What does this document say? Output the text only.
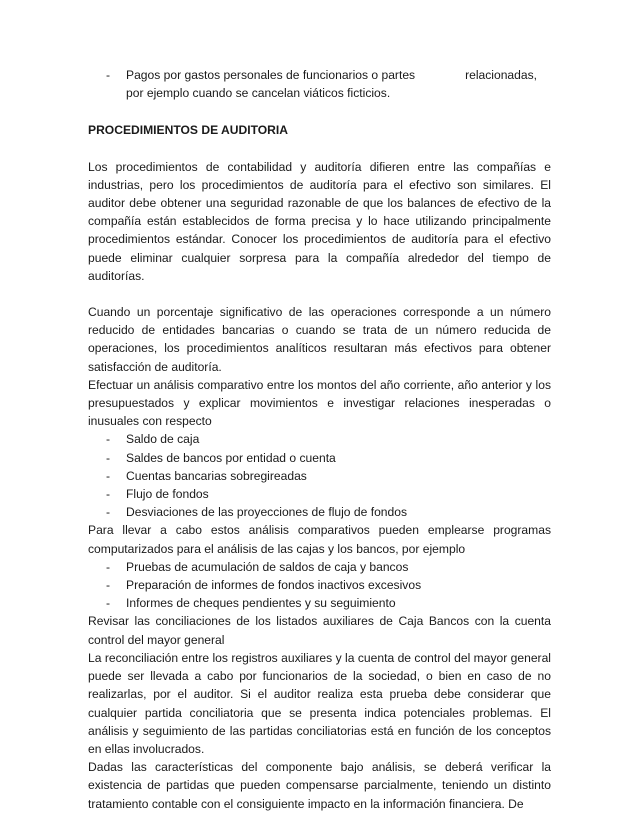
- Pagos por gastos personales de funcionarios o partes	relacionadas,
por ejemplo cuando se cancelan viáticos ficticios.

PROCEDIMIENTOS DE AUDITORIA

Los procedimientos de contabilidad y auditoría difieren entre las compañías e industrias, pero los procedimientos de auditoría para el efectivo son similares. El auditor debe obtener una seguridad razonable de que los balances de efectivo de la compañía están establecidos de forma precisa y lo hace utilizando principalmente procedimientos estándar. Conocer los procedimientos de auditoría para el efectivo puede eliminar cualquier sorpresa para la compañía alrededor del tiempo de auditorías.

Cuando un porcentaje significativo de las operaciones corresponde a un número reducido de entidades bancarias o cuando se trata de un número reducida de operaciones, los procedimientos analíticos resultaran más efectivos para obtener satisfacción de auditoría.

Efectuar un análisis comparativo entre los montos del año corriente, año anterior y los presupuestados y explicar movimientos e investigar relaciones inesperadas o inusuales con respecto

- Saldo de caja
- Saldes de bancos por entidad o cuenta
- Cuentas bancarias sobregireadas
- Flujo de fondos
- Desviaciones de las proyecciones de flujo de fondos

Para llevar a cabo estos análisis comparativos pueden emplearse programas computarizados para el análisis de las cajas y los bancos, por ejemplo

- Pruebas de acumulación de saldos de caja y bancos
- Preparación de informes de fondos inactivos excesivos
- Informes de cheques pendientes y su seguimiento

Revisar las conciliaciones de los listados auxiliares de Caja Bancos con la cuenta control del mayor general

La reconciliación entre los registros auxiliares y la cuenta de control del mayor general puede ser llevada a cabo por funcionarios de la sociedad, o bien en caso de no realizarlas, por el auditor. Si el auditor realiza esta prueba debe considerar que cualquier partida conciliatoria que se presenta indica potenciales problemas. El análisis y seguimiento de las partidas conciliatorias está en función de los conceptos en ellas involucrados.

Dadas las características del componente bajo análisis, se deberá verificar la existencia de partidas que pueden compensarse parcialmente, teniendo un distinto tratamiento contable con el consiguiente impacto en la información financiera. De
